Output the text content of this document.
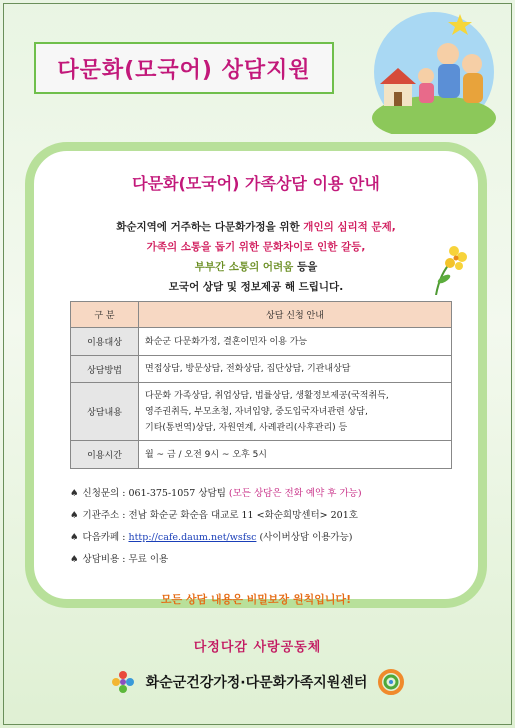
다문화(모국어) 상담지원
다문화(모국어) 가족상담 이용 안내
화순지역에 거주하는 다문화가정을 위한 개인의 심리적 문제,
가족의 소통을 돕기 위한 문화차이로 인한 갈등,
부부간 소통의 어려움 등을
모국어 상담 및 정보제공 해 드립니다.
구 분	상담 신청 안내
이용대상	화순군 다문화가정, 결혼이민자 이용 가능
상담방법	면접상담, 방문상담, 전화상담, 집단상담, 기관내상담
상담내용	다문화 가족상담, 취업상담, 법률상담, 생활정보제공(국적취득,
영주권취득, 부모초청, 자녀입양, 중도입국자녀관련 상담,
기타(통번역)상담, 자원연계, 사례관리(사후관리) 등

이용시간	월 ~ 금 / 오전 9시 ~ 오후 5시
♠ 신청문의 : 061-375-1057 상담팀 (모든 상담은 전화 예약 후 가능)
♠ 기관주소 : 전남 화순군 화순읍 대교로 11 <화순희망센터> 201호
♠ 다음카페 : http://cafe.daum.net/wsfsc (사이버상담 이용가능)
♠ 상담비용 : 무료 이용
모든 상담 내용은 비밀보장 원칙입니다!
다정다감 사랑공동체
화순군건강가정·다문화가족지원센터
